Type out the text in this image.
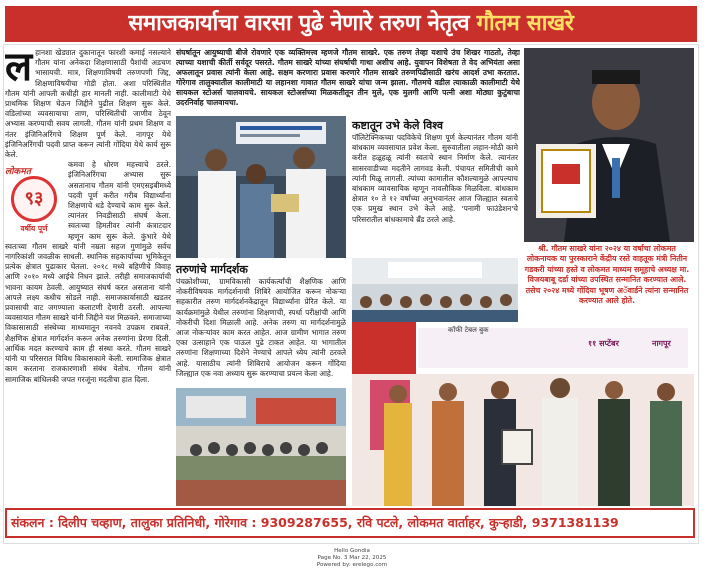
समाजकार्याचा वारसा पुढे नेणारे तरुण नेतृत्व गौतम साखरे
ल हानशा खेड्यात दुकानातून फारशी कमाई नसल्याने गौतम यांना अनेकदा शिक्षणासाठी पैशांची अडचण भासायची. मात्र, शिक्षणाविषयी तरुणपणी जिद्द, शिक्षणाविषयीचा गोडी होता. अशा परिस्थितीत गौतम यांनी आपली कधीही हार मानली नाही. कालीमाटी येथे प्राथमिक शिक्षण घेऊन जिद्दीने पुढील शिक्षण सुरू केले. वडिलांच्या व्यवसायाचा ताण, परिस्थितीची जाणीव ठेवून अभ्यास करण्याची सवय लागली. गौतम यांनी प्रथम शिक्षण व नंतर इंजिनिअरिंगचे शिक्षण पूर्ण केले. नागपूर येथे इंजिनिअरिंगची पदवी प्राप्त करून त्यांनी गोंदिया येथे कार्य सुरू केले.

लोकमत
९३
वर्षीय पूर्ण

कमवा हे धोरण महत्त्वाचे ठरले. इंजिनिअरिंगचा अभ्यास सुरू असतानाच गौतम यांनी एमएसइबीमध्ये पदवी पूर्ण करीत गरीब विद्यार्थ्यांना शिक्षणाचे धडे देण्याचे काम सुरू केले. त्यानंतर निवडीसाठी संघर्ष केला. स्वतःच्या हिमतीवर त्यांनी कंत्राटदार म्हणून काम सुरू केले. कुंभारे येथे स्वतःच्या गौतम साखरे यांनी नम्रता सहज गुणांमुळे सर्वच नागरिकांशी जवळीक साधली. स्थानिक सहकार्याच्या भूमिकेतून प्रत्येक क्षेत्रात पुढाकार घेतला. २०१८ मध्ये बहिणीचे विवाह आणि २०१० मध्ये आईचे निधन झाले. तरीही समाजकार्याची भावना कायम ठेवली. आयुष्यात संघर्ष करत असताना यांनी आपले लक्ष्य कधीच सोडले नाही. समाजकार्यासाठी खडतर प्रवासाची वाट जगण्याला कलाटणी देणारी ठरली. आपल्या व्यवसायात गौतम साखरे यांनी जिद्दीने यश मिळवले. समाजाच्या विकासासाठी संस्थेच्या माध्यमातून नवनवे उपक्रम राबवले. शैक्षणिक क्षेत्रात मार्गदर्शन करून अनेक तरुणांना प्रेरणा दिली. आर्थिक मदत करण्याचे काम ही संस्था करते. गौतम साखरे यांनी या परिसरात विविध विकासकामे केली. सामाजिक क्षेत्रात काम करताना राजकारणाशी संबंध येतोच. गौतम यांनी सामाजिक बांधिलकी जपत गरजूंना मदतीचा हात दिला.

संघर्षातून आयुष्याची बीजे रोवणारे एक व्यक्तिमत्त्व म्हणजे गौतम साखरे. एक तरुण तेव्हा यशाचे उंच शिखर गाठतो, तेव्हा त्याच्या यशाची कीर्ती सर्वदूर पसरते. गौतम साखरे यांच्या संघर्षाची गाथा अशीच आहे. युवापन विशेषता ते वेद अभियंता असा अफलातून प्रवास त्यांनी केला आहे. सक्षम करणारा प्रवास करणारे गौतम साखरे तरुणपिढीसाठी खरंच आदर्श उभा करतात. गोरेगाव तालुक्यातील कालीमाटी या लहानशा गावात गौतम साखरे यांचा जन्म झाला. गौतमचे वडील त्याकाळी कालीमाटी येथे सायकल स्टोअर्स चालवायचे. सायकल स्टोअर्सच्या मिळकतीतून तीन मुले, एक मुलगी आणि पत्नी अशा मोठ्या कुटुंबाचा उदरनिर्वाह चालवायचा.

कष्टातून उभे केले विश्व

पॉलिटेक्निकच्या पदविकेचे शिक्षण पूर्ण केल्यानंतर गौतम यांनी बांधकाम व्यवसायात प्रवेश केला. सुरुवातीला लहान-मोठी कामे करीत हळूहळू त्यांनी स्वतःचे स्थान निर्माण केले. त्यानंतर सासरवाडीच्या मदतीने लागवड केली. पंचायत समितीची कामे त्यांनी मिळू लागली. त्यांच्या कामातील कौशल्यामुळे आपल्याच बांधकाम व्यावसायिक म्हणून नावलौकिक मिळविला. बांधकाम क्षेत्रात १० ते १२ वर्षांच्या अनुभवानंतर आज जिल्ह्यात स्वतःचे एक प्रमुख स्थान उभे केले आहे. 'पनामी फाउंडेशन'चे परिसरातील बांधकामाचे ब्रँड ठरले आहे.

तरुणांचे मार्गदर्शक

पंचक्रोशीच्या, ग्रामविकासी कार्यकर्त्यांची शैक्षणिक आणि नोकरीविषयक मार्गदर्शनाची शिबिरे आयोजित करून नोकऱ्या सहकारीत तरुण मार्गदर्शनकेंद्रातून विद्यार्थ्यांना प्रेरित केले. या कार्यक्रमांमुळे येथील तरुणांना शिक्षणाची, स्पर्धा परीक्षांची आणि नोकरीची दिशा मिळाली आहे. अनेक तरुण या मार्गदर्शनामुळे आज नोकऱ्यांवर काम करत आहेत. आज ग्रामीण भागात तरुण एका उत्साहाने एक पाऊल पुढे टाकत आहेत. या भागातील तरुणांना शिक्षणाच्या दिशेने नेण्याचे आपले ध्येय त्यांनी ठरवले आहे. यासाठीच त्यांनी शिबिराचे आयोजन करून गोंदिया जिल्ह्यात एक नवा अध्याय सुरू करण्याचा प्रयत्न केला आहे.

श्री. गौतम साखरे यांना २०२४ या वर्षाचा लोकमत लोकनायक या पुरस्काराने केंद्रीय रस्ते वाहतूक मंत्री नितीन गडकरी यांच्या हस्ते व लोकमत माध्यम समूहाचे अध्यक्ष मा. विजयबाबू दर्डा यांच्या उपस्थित सन्मानित करण्यात आले. तसेच २०२४ मध्ये गोंदिया भूषण अॅवार्डने त्यांना सन्मानित करण्यात आले होते.

११ सप्टेंबर	नागपूर
कॉफी टेबल बुक
संकलन : दिलीप चव्हाण, तालुका प्रतिनिधी, गोरेगाव : 9309287655, रवि पटले, लोकमत वार्ताहर, कुऱ्हाडी, 9371381139
Hello Gondia
Page No. 3 Mar 22, 2025
Powered by: erelego.com
